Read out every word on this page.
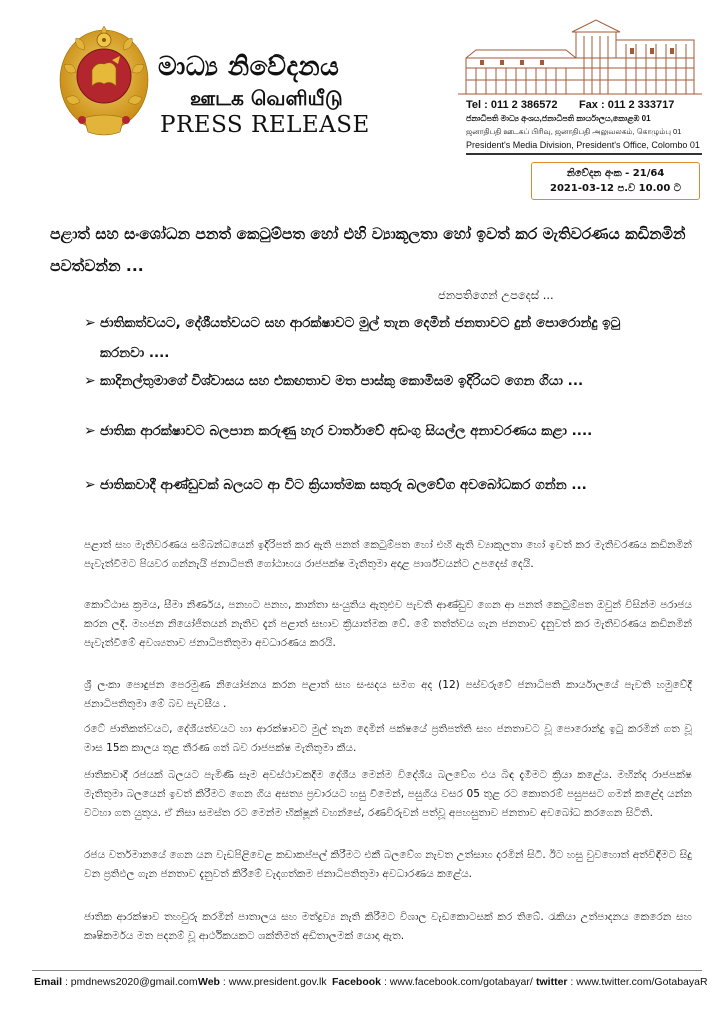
මාධ්‍ය නිවේදනය
ஊடக வெளியீடு
PRESS RELEASE
Tel : 011 2 386572 Fax : 011 2 333717
ජනාධිපති මාධ්‍ය අංශය,ජනාධිපති කාර්යාලය,කොළඹ 01
ஜனாதிபதி ஊடகப் பிரிவு, ஜனாதிபதி அலுவலகம், கொழும்பு 01
President's Media Division, President's Office, Colombo 01
නිවේදන අංක - 21/64
2021-03-12 ප.ව 10.00 ට
පළාත් සහ සංශෝධන පනත් කෙටුම්පත හෝ එහි ව්‍යාකූලතා හෝ ඉවත් කර මැතිවරණය කඩිනමින් පවත්වන්න ...
ජනපතිගෙන් උපදෙස් ...
➢ ජාතිකත්වයට, දේශීයත්වයට සහ ආරක්ෂාවට මුල් තැන දෙමින් ජනතාවට දුන් පොරොන්දු ඉටු කරනවා ....
➢ කාදිනල්තුමාගේ විශ්වාසය සහ එකඟතාව මත පාස්කු කොමිසම ඉදිරියට ගෙන ගියා ...
➢ ජාතික ආරක්ෂාවට බලපාන කරුණු හැර වාර්තාවේ අඩංගු සියල්ල අනාවරණය කළා ....
➢ ජාතිකවාදී ආණ්ඩුවක් බලයට ආ විට ක්‍රියාත්මක සතුරු බලවේග අවබෝධකර ගන්න ...
පළාත් සහ මැතිවරණය සම්බන්ධයෙන් ඉදිරිපත් කර ඇති පනත් කෙටුම්පත හෝ එහි ඇති ව්‍යාකූලතා හෝ ඉවත් කර මැතිවරණය කඩිනමින් පැවැත්වීමට පියවර ගන්නැයි ජනාධිපති ගෝඨාභය රාජපක්ෂ මැතිතුමා අදාළ පාර්ශ්වයන්ට උපදෙස් දෙයි.
කොට්ඨාස ක්‍රමය, සීමා නිර්ණය, පනහට පනහ, කාන්තා සංයුතිය ඇතුළුව පැවති ආණ්ඩුව ගෙන ආ පනත් කෙටුම්පත ඔවුන් විසින්ම පරාජය කරන ලදී. මහජන නියෝජිතයන් නැතිව දැන් පළාත් සභාව ක්‍රියාත්මක වේ. මේ තත්ත්වය ගැන ජනතාව දැනුවත් කර මැතිවරණය කඩිනමින් පැවැත්වීමේ අවශ්‍යතාව ජනාධිපතිතුමා අවධාරණය කරයි.
ශ්‍රී ලංකා පොදුජන පෙරමුණ නියෝජනය කරන පළාත් සහ සංසදය සමග අද (12) පස්වරුවේ ජනාධිපති කාර්යාලයේ පැවති හමුවේදී ජනාධිපතිතුමා මේ බව පැවසීය .
රටේ ජාතිකත්වයට, දේශීයත්වයට හා ආරක්ෂාවට මුල් තැන දෙමින් පක්ෂයේ ප්‍රතිපත්ති සහ ජනතාවට වූ පොරොන්දු ඉටු කරමින් ගත වූ මාස 15ක කාලය තුළ තීරණ ගත් බව රාජපක්ෂ මැතිතුමා කීය.
ජාතිකවාදී රජයක් බලයට පැමිණි සෑම අවස්ථාවකදීම දේශීය මෙන්ම විදේශීය බලවේග එය බිඳ දැමීමට ක්‍රියා කළේය. මහින්ද රාජපක්ෂ මැතිතුමා බලයෙන් ඉවත් කිරීමට ගෙන ගිය අසත්‍ය ප්‍රචාරයට හසු වීමෙන්, පසුගිය වසර 05 තුළ රට කොතරම් පසුපසට ගමන් කළේද යන්න වටහා ගත යුතුය. ඒ නිසා සමස්ත රට මෙන්ම භික්ෂූන් වහන්සේ, රණවිරුවන් පත්වූ අපහසුතාව ජනතාව අවබෝධ කරගෙන සිටිති.
රජය වර්තමානයේ ගෙන යන වැඩපිළිවෙළ කඩාකප්පල් කිරීමට එකී බලවේග නැවත උත්සාහ දරමින් සිටී. ඊට හසු වුවහොත් අත්විඳීමට සිදු වන ප්‍රතිඵල ගැන ජනතාව දැනුවත් කිරීමේ වැදගත්කම ජනාධිපතිතුමා අවධාරණය කළේය.
ජාතික ආරක්ෂාව තහවුරු කරමින් පාතාලය සහ මත්ද්‍රව්‍ය නැති කිරීමට විශාල වැඩකොටසක් කර තිබේ. රැකියා උත්පාදනය කෙරෙන සහ කෘෂිකර්මය මත පදනම් වූ ආර්ථිකයකට ශක්තිමත් අඩිතාලමක් යොදා ඇත.
Email : pmdnews2020@gmail.com Web : www.president.gov.lk Facebook : www.facebook.com/gotabayar/ twitter : www.twitter.com/GotabayaR
